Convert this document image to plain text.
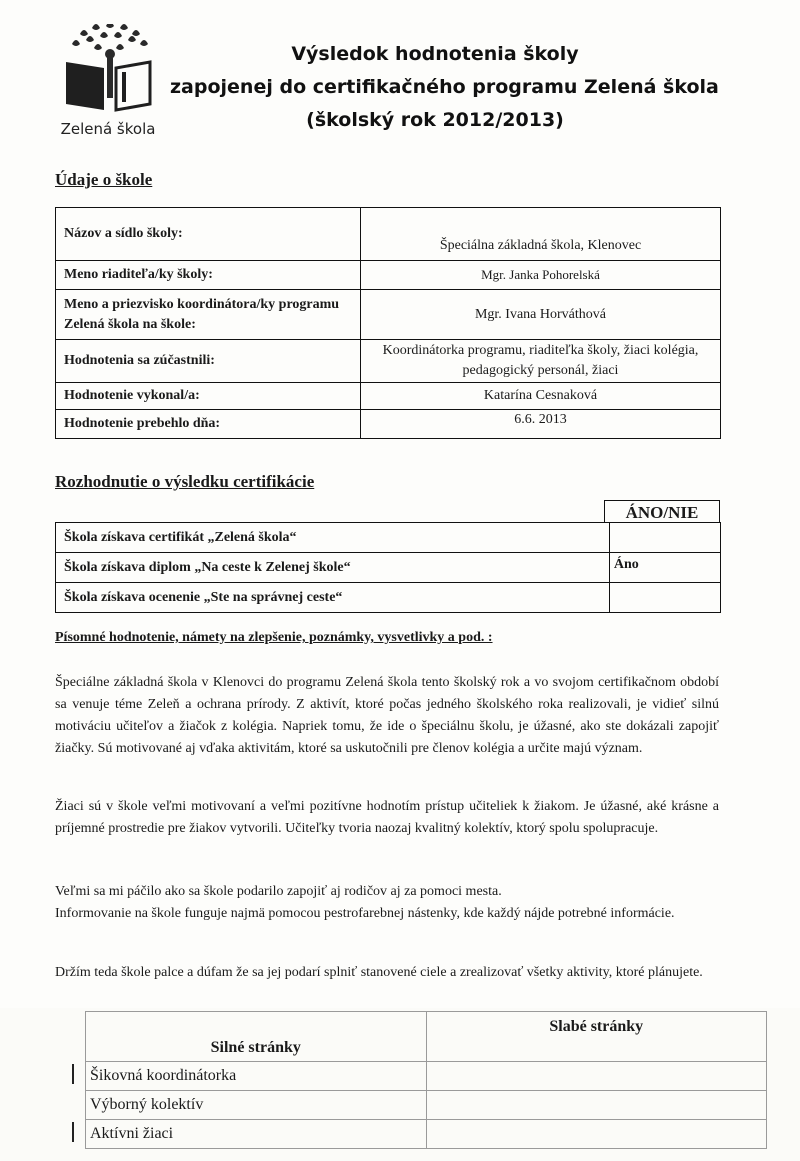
Zelená škola
Výsledok hodnotenia školy
zapojenej do certifikačného programu Zelená škola
(školský rok 2012/2013)
Údaje o škole
Názov a sídlo školy:	Špeciálna základná škola, Klenovec
Meno riaditeľa/ky školy:	Mgr. Janka Pohorelská
Meno a priezvisko koordinátora/ky programu Zelená škola na škole:	Mgr. Ivana Horváthová
Hodnotenia sa zúčastnili:	Koordinátorka programu, riaditeľka školy, žiaci kolégia, pedagogický personál, žiaci
Hodnotenie vykonal/a:	Katarína Cesnaková
Hodnotenie prebehlo dňa:	6.6. 2013
Rozhodnutie o výsledku certifikácie
ÁNO/NIE
Škola získava certifikát „Zelená škola“	
Škola získava diplom „Na ceste k Zelenej škole“	Áno
Škola získava ocenenie „Ste na správnej ceste“	
Písomné hodnotenie, námety na zlepšenie, poznámky, vysvetlivky a pod. :
Špeciálne základná škola v Klenovci do programu Zelená škola tento školský rok a vo svojom certifikačnom období sa venuje téme Zeleň a ochrana prírody. Z aktivít, ktoré počas jedného školského roka realizovali, je vidieť silnú motiváciu učiteľov a žiačok z kolégia. Napriek tomu, že ide o špeciálnu školu, je úžasné, ako ste dokázali zapojiť žiačky. Sú motivované aj vďaka aktivitám, ktoré sa uskutočnili pre členov kolégia a určite majú význam.
Žiaci sú v škole veľmi motivovaní a veľmi pozitívne hodnotím prístup učiteliek k žiakom. Je úžasné, aké krásne a príjemné prostredie pre žiakov vytvorili. Učiteľky tvoria naozaj kvalitný kolektív, ktorý spolu spolupracuje.
Veľmi sa mi páčilo ako sa škole podarilo zapojiť aj rodičov aj za pomoci mesta.
Informovanie na škole funguje najmä pomocou pestrofarebnej nástenky, kde každý nájde potrebné informácie.
Držím teda škole palce a dúfam že sa jej podarí splniť stanovené ciele a zrealizovať všetky aktivity, ktoré plánujete.
Silné stránky	Slabé stránky
Šikovná koordinátorka	
Výborný kolektív	
Aktívni žiaci	
